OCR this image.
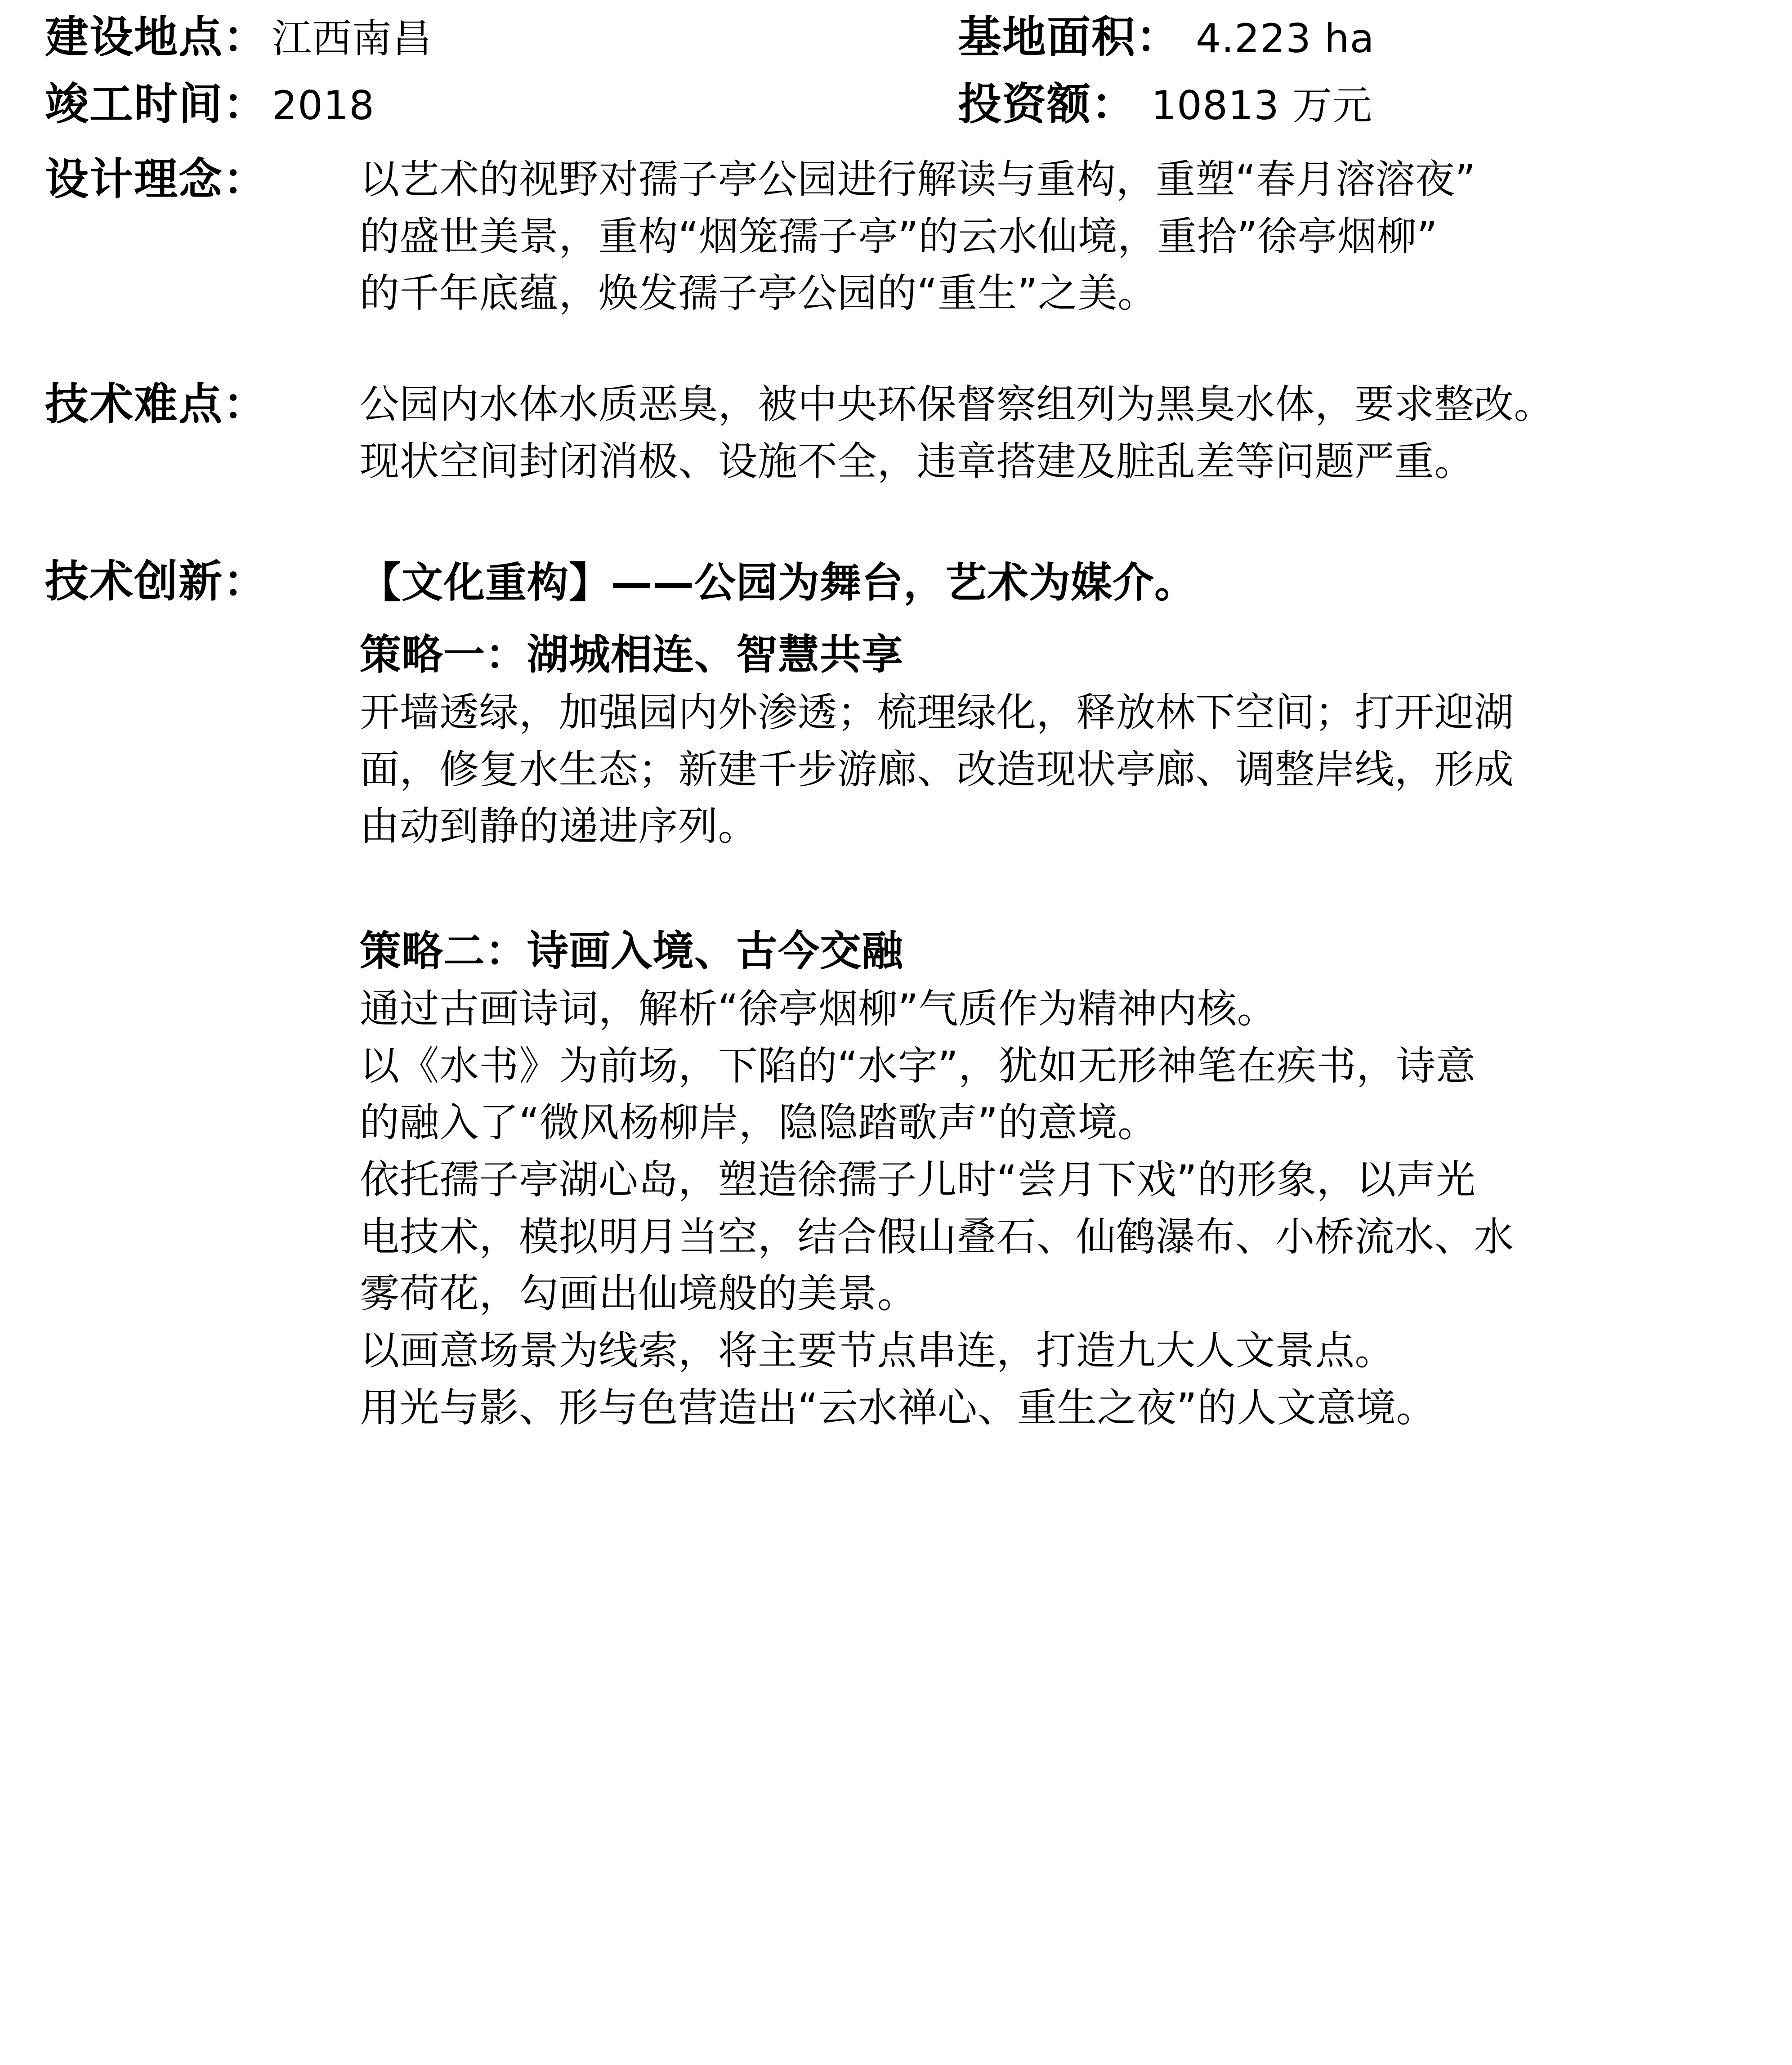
建设地点： 江西南昌	基地面积： 4.223 ha
竣工时间： 2018	投资额： 10813 万元
设计理念：	以艺术的视野对孺子亭公园进行解读与重构，重塑“春月溶溶夜”
的盛世美景，重构“烟笼孺子亭”的云水仙境，重拾”徐亭烟柳”
的千年底蕴，焕发孺子亭公园的“重生”之美。
技术难点：	公园内水体水质恶臭，被中央环保督察组列为黑臭水体，要求整改。
现状空间封闭消极、设施不全，违章搭建及脏乱差等问题严重。
技术创新：	【文化重构】——公园为舞台，艺术为媒介。
策略一：湖城相连、智慧共享
开墙透绿，加强园内外渗透；梳理绿化，释放林下空间；打开迎湖
面，修复水生态；新建千步游廊、改造现状亭廊、调整岸线，形成
由动到静的递进序列。
策略二：诗画入境、古今交融
通过古画诗词，解析“徐亭烟柳”气质作为精神内核。
以《水书》为前场，下陷的“水字”，犹如无形神笔在疾书，诗意
的融入了“微风杨柳岸，隐隐踏歌声”的意境。
依托孺子亭湖心岛，塑造徐孺子儿时“尝月下戏”的形象，以声光
电技术，模拟明月当空，结合假山叠石、仙鹤瀑布、小桥流水、水
雾荷花，勾画出仙境般的美景。
以画意场景为线索，将主要节点串连，打造九大人文景点。
用光与影、形与色营造出“云水禅心、重生之夜”的人文意境。
